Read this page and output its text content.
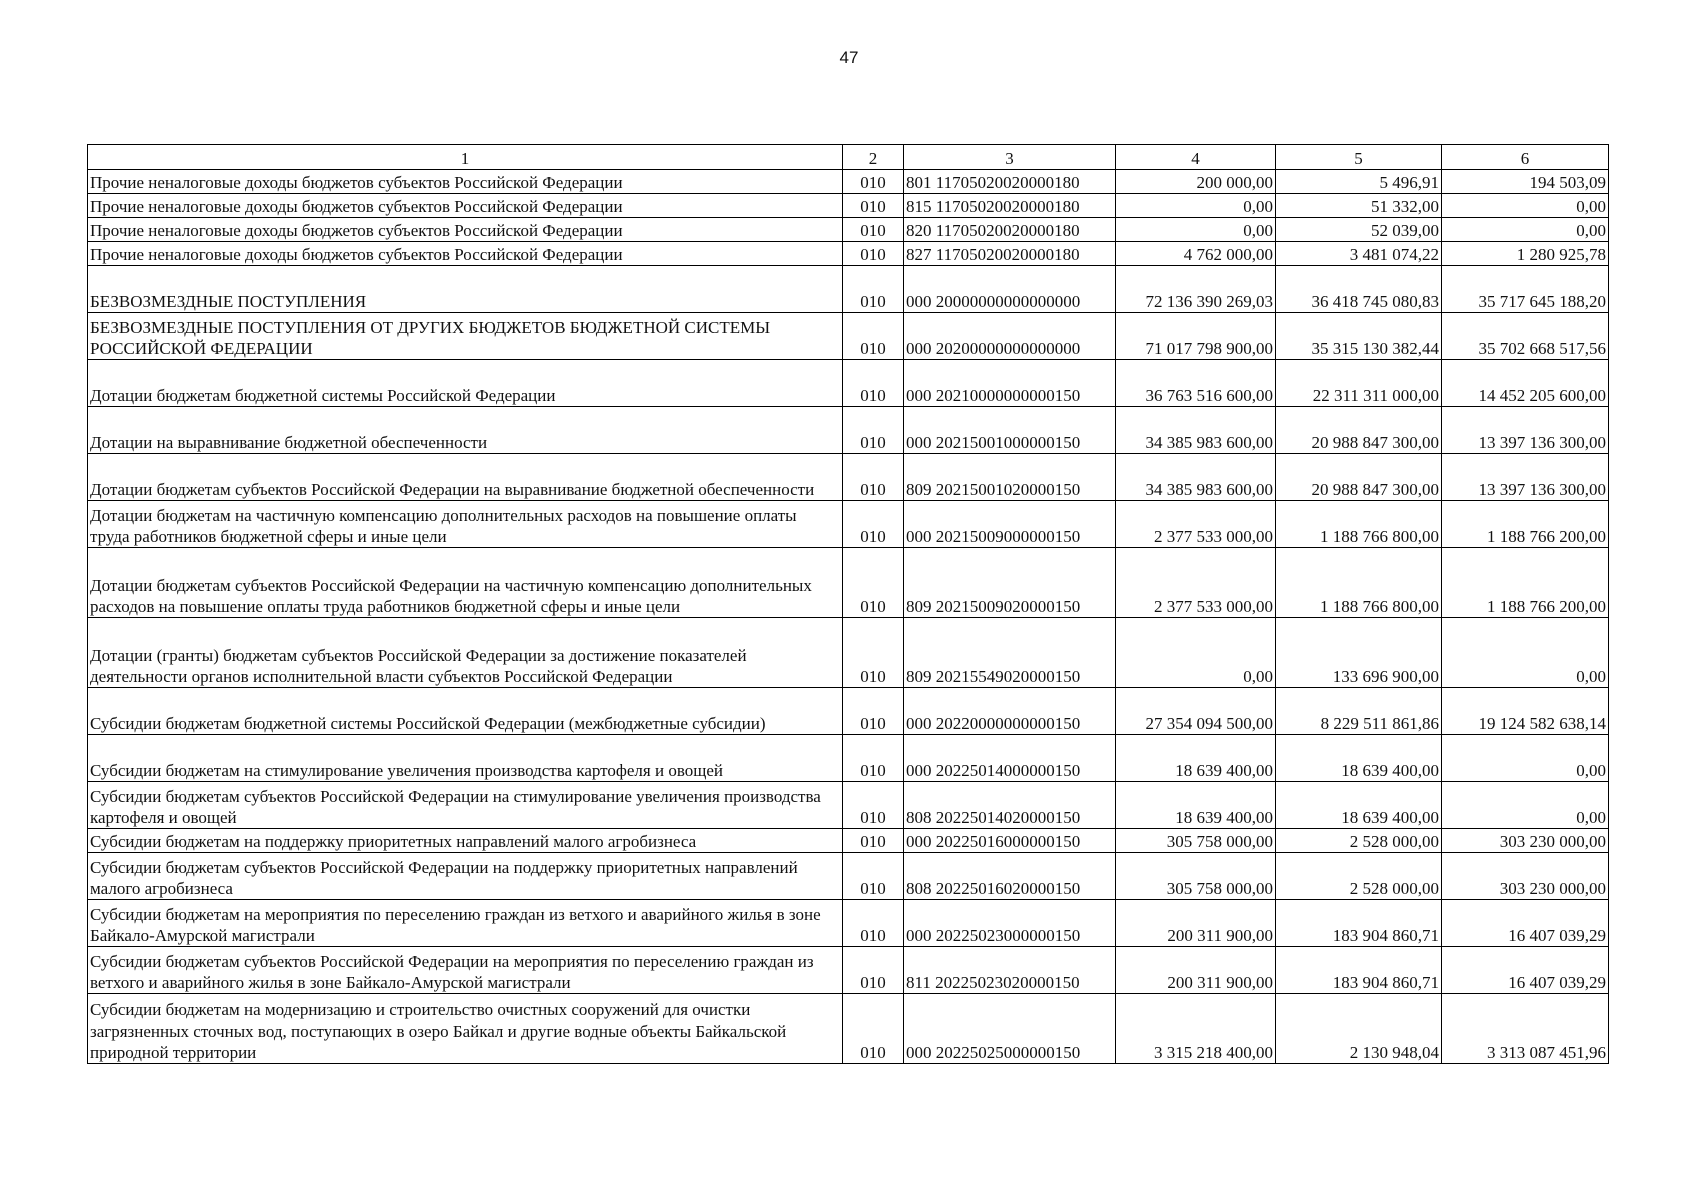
47
1	2	3	4	5	6
Прочие неналоговые доходы бюджетов субъектов Российской Федерации	010	801 11705020020000180	200 000,00	5 496,91	194 503,09
Прочие неналоговые доходы бюджетов субъектов Российской Федерации	010	815 11705020020000180	0,00	51 332,00	0,00
Прочие неналоговые доходы бюджетов субъектов Российской Федерации	010	820 11705020020000180	0,00	52 039,00	0,00
Прочие неналоговые доходы бюджетов субъектов Российской Федерации	010	827 11705020020000180	4 762 000,00	3 481 074,22	1 280 925,78
БЕЗВОЗМЕЗДНЫЕ ПОСТУПЛЕНИЯ	010	000 20000000000000000	72 136 390 269,03	36 418 745 080,83	35 717 645 188,20
БЕЗВОЗМЕЗДНЫЕ ПОСТУПЛЕНИЯ ОТ ДРУГИХ БЮДЖЕТОВ БЮДЖЕТНОЙ СИСТЕМЫ РОССИЙСКОЙ ФЕДЕРАЦИИ	010	000 20200000000000000	71 017 798 900,00	35 315 130 382,44	35 702 668 517,56
Дотации бюджетам бюджетной системы Российской Федерации	010	000 20210000000000150	36 763 516 600,00	22 311 311 000,00	14 452 205 600,00
Дотации на выравнивание бюджетной обеспеченности	010	000 20215001000000150	34 385 983 600,00	20 988 847 300,00	13 397 136 300,00
Дотации бюджетам субъектов Российской Федерации на выравнивание бюджетной обеспеченности	010	809 20215001020000150	34 385 983 600,00	20 988 847 300,00	13 397 136 300,00
Дотации бюджетам на частичную компенсацию дополнительных расходов на повышение оплаты труда работников бюджетной сферы и иные цели	010	000 20215009000000150	2 377 533 000,00	1 188 766 800,00	1 188 766 200,00
Дотации бюджетам субъектов Российской Федерации на частичную компенсацию дополнительных расходов на повышение оплаты труда работников бюджетной сферы и иные цели	010	809 20215009020000150	2 377 533 000,00	1 188 766 800,00	1 188 766 200,00
Дотации (гранты) бюджетам субъектов Российской Федерации за достижение показателей деятельности органов исполнительной власти субъектов Российской Федерации	010	809 20215549020000150	0,00	133 696 900,00	0,00
Субсидии бюджетам бюджетной системы Российской Федерации (межбюджетные субсидии)	010	000 20220000000000150	27 354 094 500,00	8 229 511 861,86	19 124 582 638,14
Субсидии бюджетам на стимулирование увеличения производства картофеля и овощей	010	000 20225014000000150	18 639 400,00	18 639 400,00	0,00
Субсидии бюджетам субъектов Российской Федерации на стимулирование увеличения производства картофеля и овощей	010	808 20225014020000150	18 639 400,00	18 639 400,00	0,00
Субсидии бюджетам на поддержку приоритетных направлений малого агробизнеса	010	000 20225016000000150	305 758 000,00	2 528 000,00	303 230 000,00
Субсидии бюджетам субъектов Российской Федерации на поддержку приоритетных направлений малого агробизнеса	010	808 20225016020000150	305 758 000,00	2 528 000,00	303 230 000,00
Субсидии бюджетам на мероприятия по переселению граждан из ветхого и аварийного жилья в зоне Байкало-Амурской магистрали	010	000 20225023000000150	200 311 900,00	183 904 860,71	16 407 039,29
Субсидии бюджетам субъектов Российской Федерации на мероприятия по переселению граждан из ветхого и аварийного жилья в зоне Байкало-Амурской магистрали	010	811 20225023020000150	200 311 900,00	183 904 860,71	16 407 039,29
Субсидии бюджетам на модернизацию и строительство очистных сооружений для очистки загрязненных сточных вод, поступающих в озеро Байкал и другие водные объекты Байкальской природной территории	010	000 20225025000000150	3 315 218 400,00	2 130 948,04	3 313 087 451,96
